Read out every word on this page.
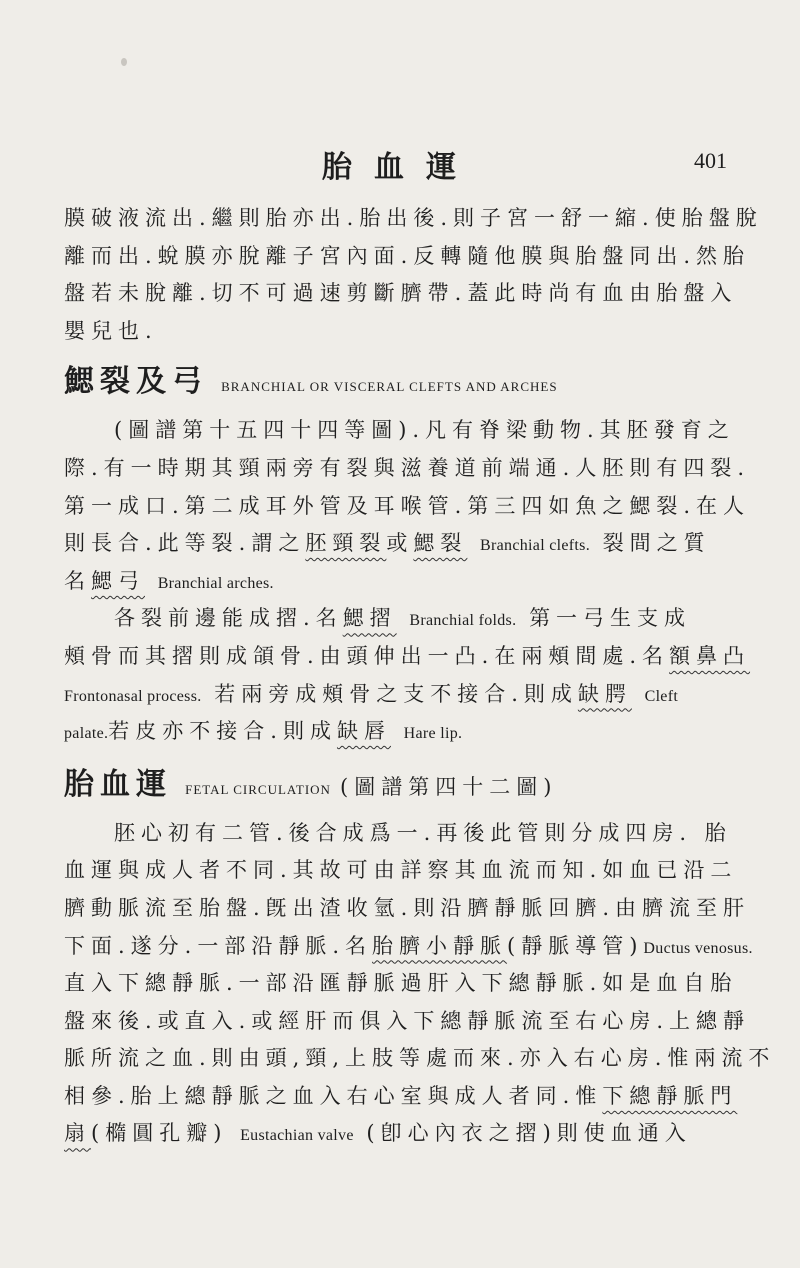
胎血運	401
膜破液流出.繼則胎亦出.胎出後.則子宮一舒一縮.使胎盤脫
離而出.蛻膜亦脫離子宮內面.反轉隨他膜與胎盤同出.然胎
盤若未脫離.切不可過速剪斷臍帶.蓋此時尚有血由胎盤入
嬰兒也.
鰓裂及弓 BRANCHIAL OR VISCERAL CLEFTS AND ARCHES
(圖譜第十五四十四等圖).凡有脊梁動物.其胚發育之
際.有一時期其頸兩旁有裂與滋養道前端通.人胚則有四裂.
第一成口.第二成耳外管及耳喉管.第三四如魚之鰓裂.在人
則長合.此等裂.謂之胚頸裂或鰓裂 Branchial clefts. 裂間之質
名鰓弓 Branchial arches.
各裂前邊能成摺.名鰓摺 Branchial folds. 第一弓生支成
頰骨而其摺則成頜骨.由頭伸出一凸.在兩頰間處.名額鼻凸
Frontonasal process. 若兩旁成頰骨之支不接合.則成缺腭 Cleft
palate.若皮亦不接合.則成缺唇 Hare lip.
胎血運 FETAL CIRCULATION (圖譜第四十二圖)
胚心初有二管.後合成爲一.再後此管則分成四房. 胎
血運與成人者不同.其故可由詳察其血流而知.如血已沿二
臍動脈流至胎盤.旣出渣收氫.則沿臍靜脈回臍.由臍流至肝
下面.遂分.一部沿靜脈.名胎臍小靜脈(靜脈導管)Ductus venosus.
直入下總靜脈.一部沿匯靜脈過肝入下總靜脈.如是血自胎
盤來後.或直入.或經肝而俱入下總靜脈流至右心房.上總靜
脈所流之血.則由頭,頸,上肢等處而來.亦入右心房.惟兩流不
相參.胎上總靜脈之血入右心室與成人者同.惟下總靜脈門
扇(橢圓孔瓣) Eustachian valve (卽心內衣之摺)則使血通入
